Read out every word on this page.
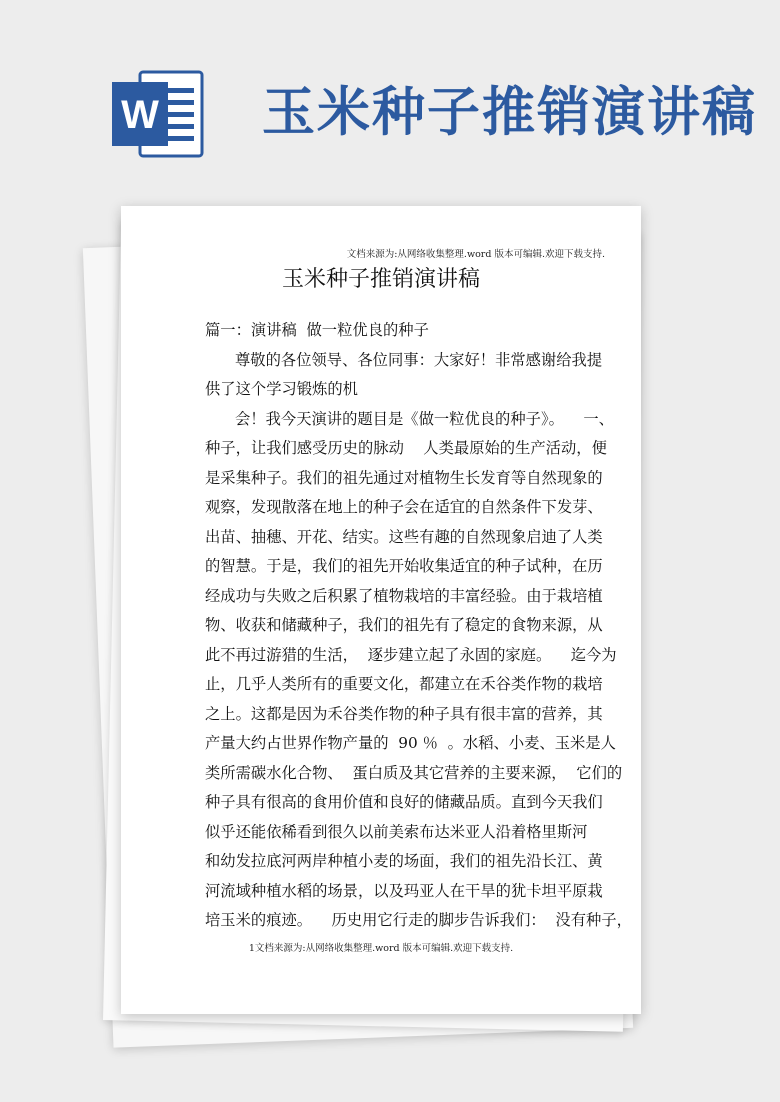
W 玉米种子推销演讲稿
文档来源为:从网络收集整理.word 版本可编辑.欢迎下载支持.
玉米种子推销演讲稿

篇一：演讲稿  做一粒优良的种子

尊敬的各位领导、各位同事：大家好！非常感谢给我提

供了这个学习锻炼的机

会！我今天演讲的题目是《做一粒优良的种子》。    一、

种子，让我们感受历史的脉动    人类最原始的生产活动，便

是采集种子。我们的祖先通过对植物生长发育等自然现象的

观察，发现散落在地上的种子会在适宜的自然条件下发芽、

出苗、抽穗、开花、结实。这些有趣的自然现象启迪了人类

的智慧。于是，我们的祖先开始收集适宜的种子试种，在历

经成功与失败之后积累了植物栽培的丰富经验。由于栽培植

物、收获和储藏种子，我们的祖先有了稳定的食物来源，从

此不再过游猎的生活，  逐步建立起了永固的家庭。    迄今为

止，几乎人类所有的重要文化，都建立在禾谷类作物的栽培

之上。这都是因为禾谷类作物的种子具有很丰富的营养，其

产量大约占世界作物产量的  90 ％  。水稻、小麦、玉米是人

类所需碳水化合物、  蛋白质及其它营养的主要来源，  它们的

种子具有很高的食用价值和良好的储藏品质。直到今天我们

似乎还能依稀看到很久以前美索布达米亚人沿着格里斯河

和幼发拉底河两岸种植小麦的场面，我们的祖先沿长江、黄

河流域种植水稻的场景，以及玛亚人在干旱的犹卡坦平原栽

培玉米的痕迹。    历史用它行走的脚步告诉我们：  没有种子，

1文档来源为:从网络收集整理.word 版本可编辑.欢迎下载支持.
